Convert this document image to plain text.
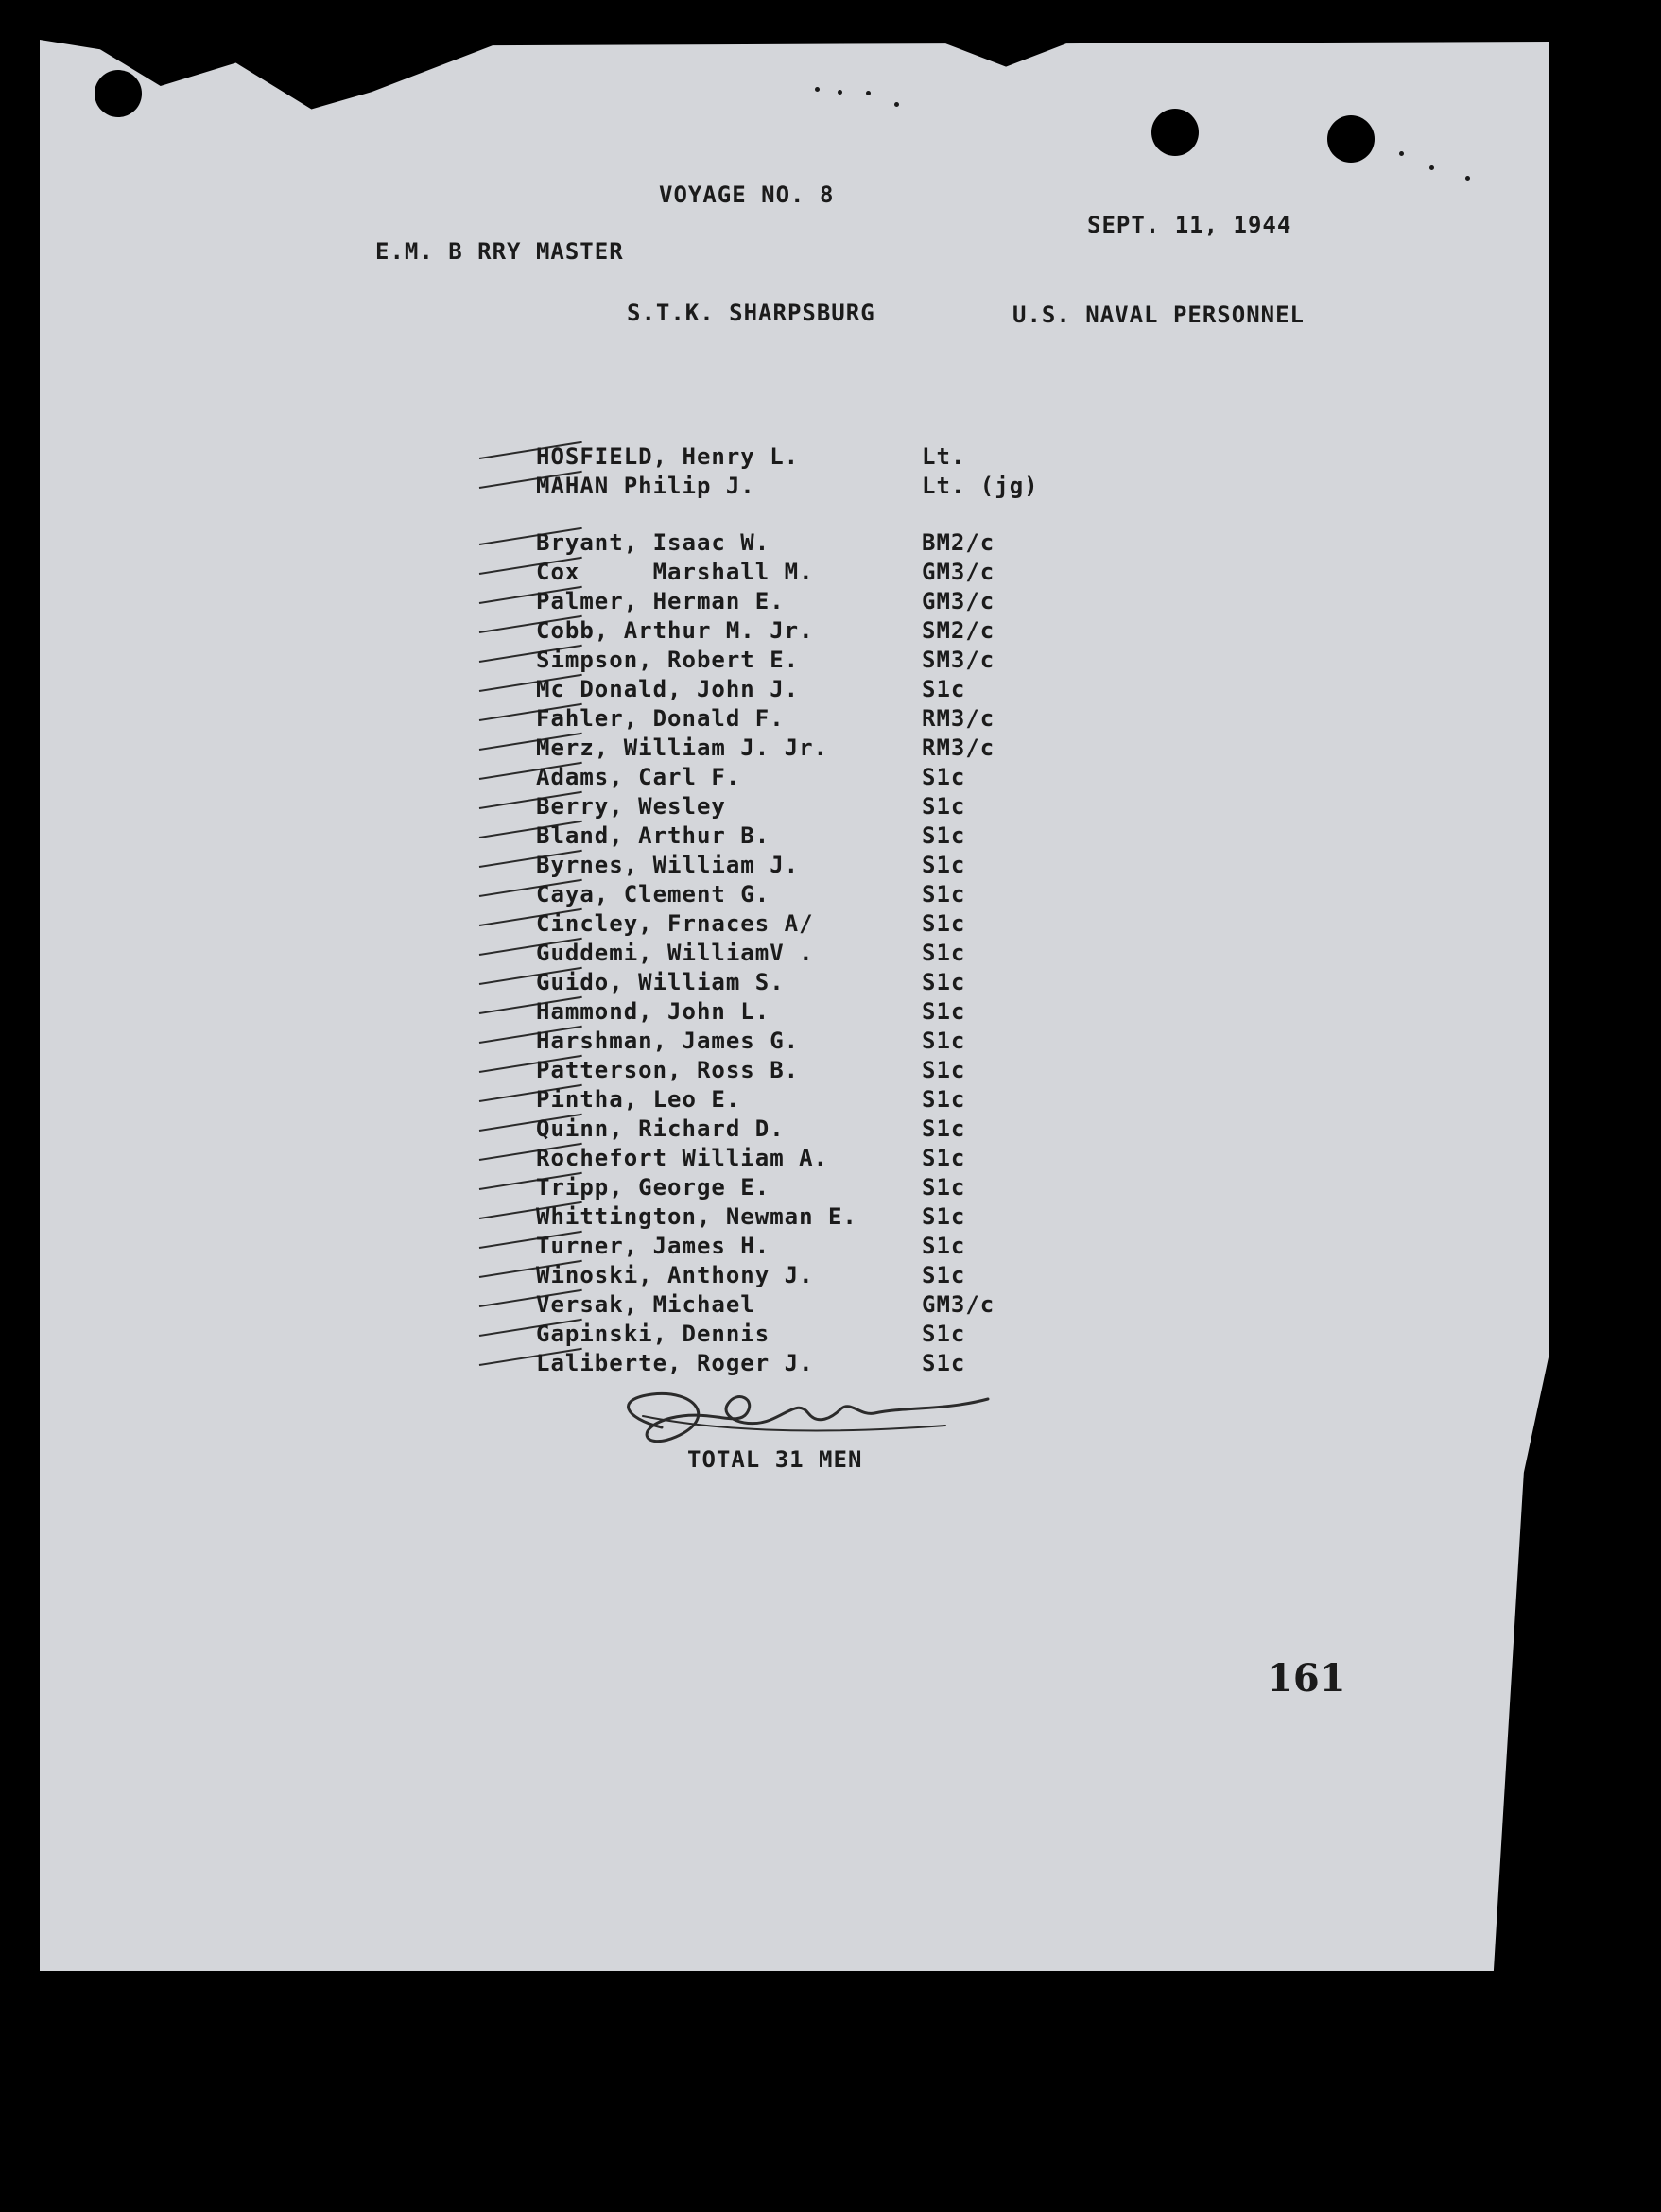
VOYAGE NO. 8
SEPT. 11, 1944
E.M. B RRY MASTER
S.T.K. SHARPSBURG	U.S. NAVAL PERSONNEL
HOSFIELD, Henry L.	Lt.
MAHAN Philip J.	Lt. (jg)
Bryant, Isaac W.	BM2/c
Cox     Marshall M.	GM3/c
Palmer, Herman E.	GM3/c
Cobb, Arthur M. Jr.	SM2/c
Simpson, Robert E.	SM3/c
Mc Donald, John J.	S1c
Fahler, Donald F.	RM3/c
Merz, William J. Jr.	RM3/c
Adams, Carl F.	S1c
Berry, Wesley	S1c
Bland, Arthur B.	S1c
Byrnes, William J.	S1c
Caya, Clement G.	S1c
Cincley, Frnaces A/	S1c
Guddemi, WilliamV .	S1c
Guido, William S.	S1c
Hammond, John L.	S1c
Harshman, James G.	S1c
Patterson, Ross B.	S1c
Pintha, Leo E.	S1c
Quinn, Richard D.	S1c
Rochefort William A.	S1c
Tripp, George E.	S1c
Whittington, Newman E.	S1c
Turner, James H.	S1c
Winoski, Anthony J.	S1c
Versak, Michael	GM3/c
Gapinski, Dennis	S1c
Laliberte, Roger J.	S1c
TOTAL 31 MEN
161
